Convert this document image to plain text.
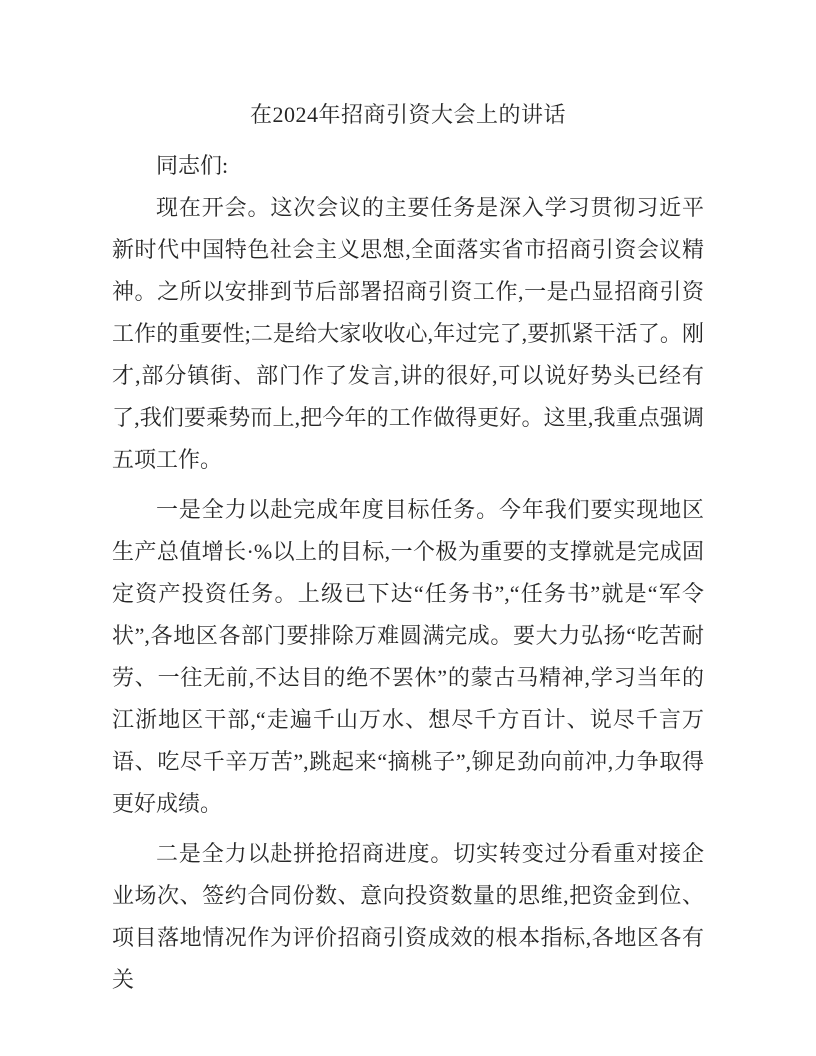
在2024年招商引资大会上的讲话

同志们:

现在开会。这次会议的主要任务是深入学习贯彻习近平新时代中国特色社会主义思想,全面落实省市招商引资会议精神。之所以安排到节后部署招商引资工作,一是凸显招商引资工作的重要性;二是给大家收收心,年过完了,要抓紧干活了。刚才,部分镇街、部门作了发言,讲的很好,可以说好势头已经有了,我们要乘势而上,把今年的工作做得更好。这里,我重点强调五项工作。

一是全力以赴完成年度目标任务。今年我们要实现地区生产总值增长·%以上的目标,一个极为重要的支撑就是完成固定资产投资任务。上级已下达“任务书”,“任务书”就是“军令状”,各地区各部门要排除万难圆满完成。要大力弘扬“吃苦耐劳、一往无前,不达目的绝不罢休”的蒙古马精神,学习当年的江浙地区干部,“走遍千山万水、想尽千方百计、说尽千言万语、吃尽千辛万苦”,跳起来“摘桃子”,铆足劲向前冲,力争取得更好成绩。

二是全力以赴拼抢招商进度。切实转变过分看重对接企业场次、签约合同份数、意向投资数量的思维,把资金到位、项目落地情况作为评价招商引资成效的根本指标,各地区各有关
